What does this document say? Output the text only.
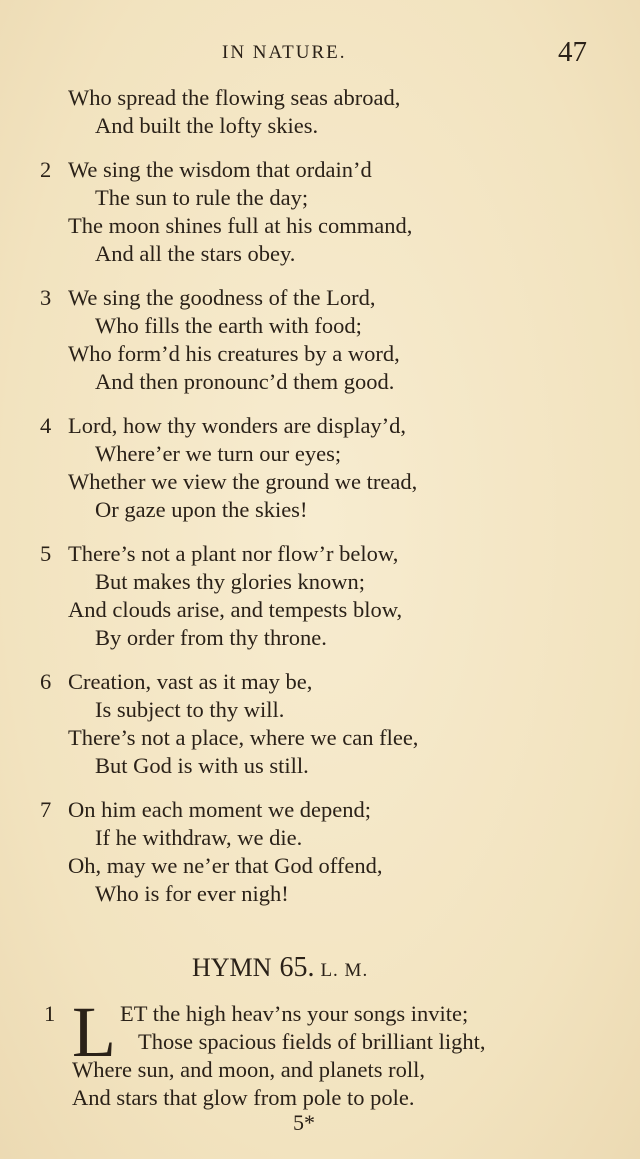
IN NATURE.	47
Who spread the flowing seas abroad,
And built the lofty skies.
2 We sing the wisdom that ordain’d
The sun to rule the day;
The moon shines full at his command,
And all the stars obey.
3 We sing the goodness of the Lord,
Who fills the earth with food;
Who form’d his creatures by a word,
And then pronounc’d them good.
4 Lord, how thy wonders are display’d,
Where’er we turn our eyes;
Whether we view the ground we tread,
Or gaze upon the skies!
5 There’s not a plant nor flow’r below,
But makes thy glories known;
And clouds arise, and tempests blow,
By order from thy throne.
6 Creation, vast as it may be,
Is subject to thy will.
There’s not a place, where we can flee,
But God is with us still.
7 On him each moment we depend;
If he withdraw, we die.
Oh, may we ne’er that God offend,
Who is for ever nigh!
HYMN 65. L. M.
1 L ET the high heav’ns your songs invite;
Those spacious fields of brilliant light,
Where sun, and moon, and planets roll,
And stars that glow from pole to pole.
5*
